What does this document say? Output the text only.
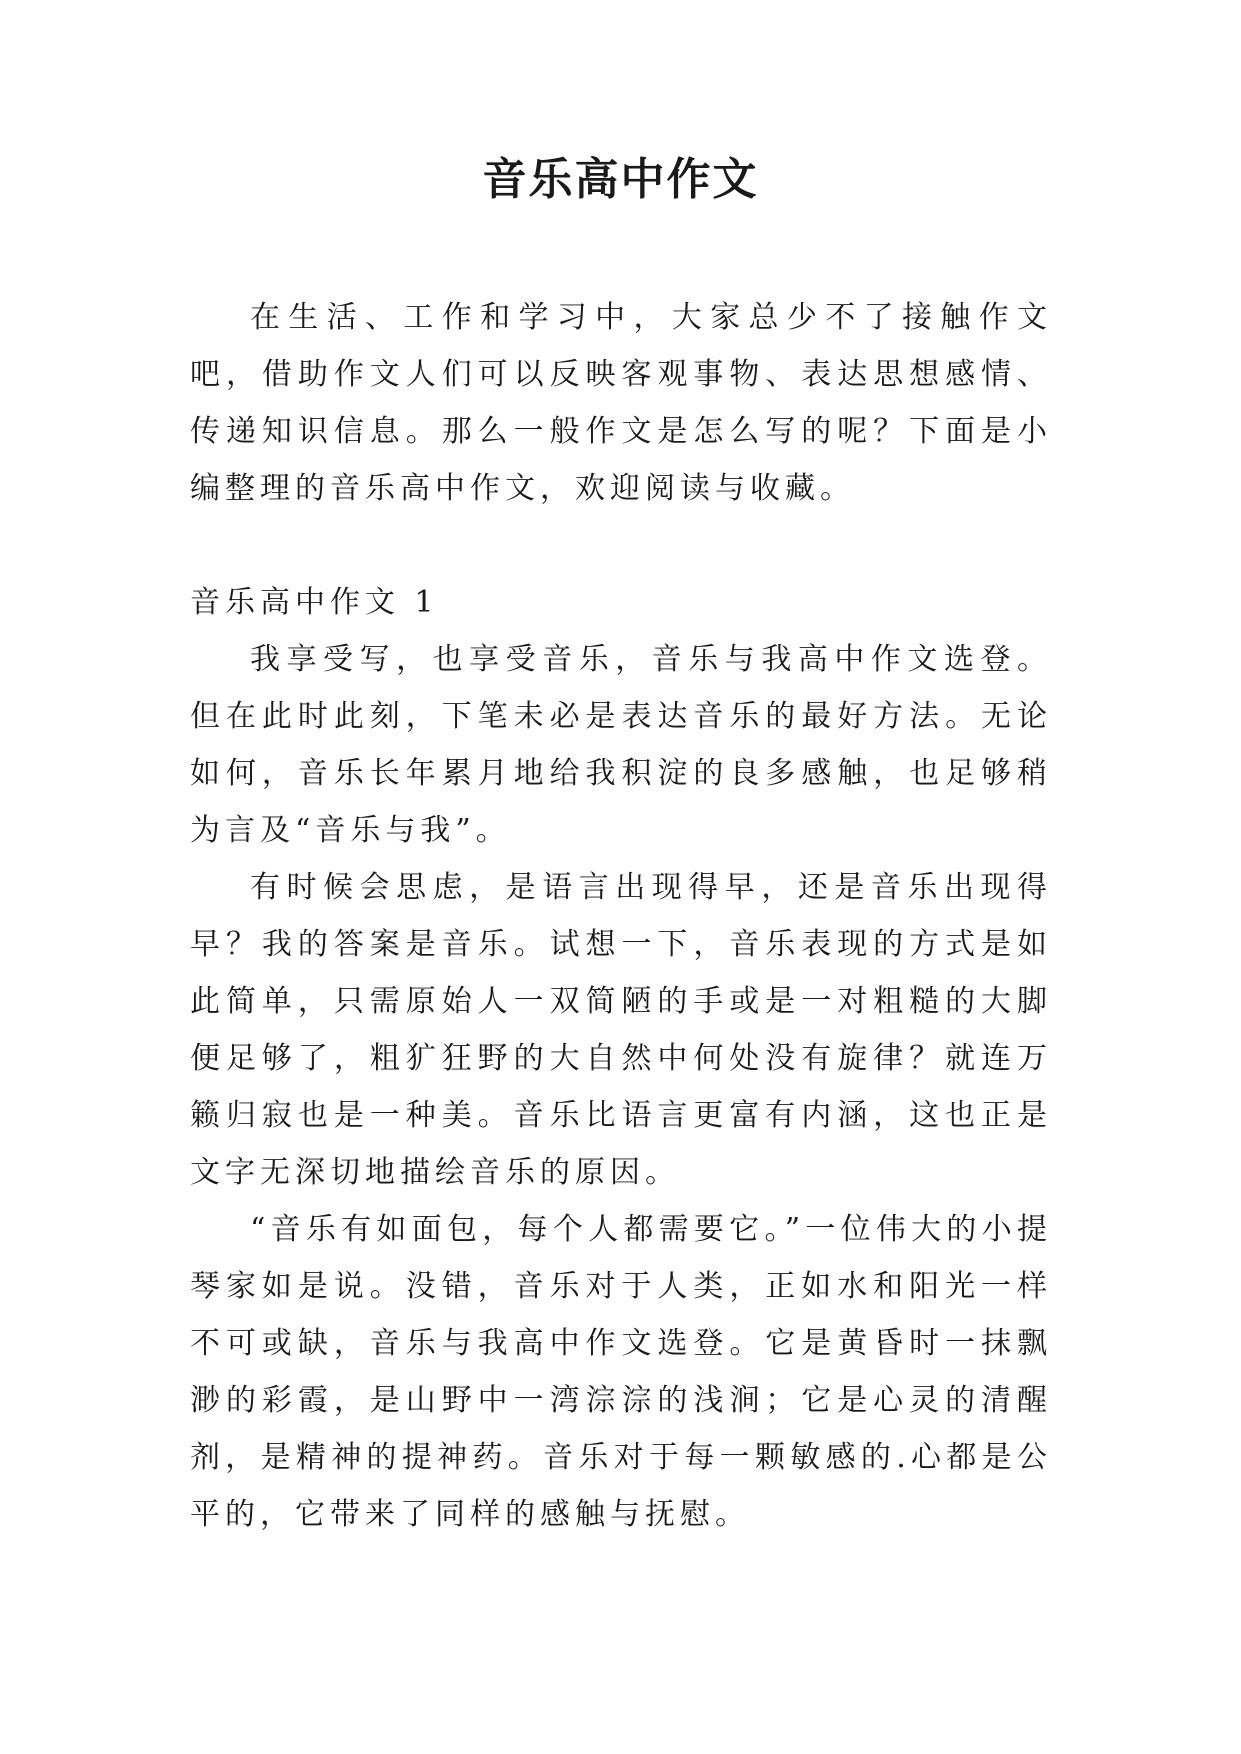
音乐高中作文

在生活、工作和学习中，大家总少不了接触作文吧，借助作文人们可以反映客观事物、表达思想感情、传递知识信息。那么一般作文是怎么写的呢？下面是小编整理的音乐高中作文，欢迎阅读与收藏。

音乐高中作文 1

我享受写，也享受音乐，音乐与我高中作文选登。但在此时此刻，下笔未必是表达音乐的最好方法。无论如何，音乐长年累月地给我积淀的良多感触，也足够稍为言及“音乐与我”。

有时候会思虑，是语言出现得早，还是音乐出现得早？我的答案是音乐。试想一下，音乐表现的方式是如此简单，只需原始人一双简陋的手或是一对粗糙的大脚便足够了，粗犷狂野的大自然中何处没有旋律？就连万籁归寂也是一种美。音乐比语言更富有内涵，这也正是文字无深切地描绘音乐的原因。

“音乐有如面包，每个人都需要它。”一位伟大的小提琴家如是说。没错，音乐对于人类，正如水和阳光一样不可或缺，音乐与我高中作文选登。它是黄昏时一抹飘渺的彩霞，是山野中一湾淙淙的浅涧；它是心灵的清醒剂，是精神的提神药。音乐对于每一颗敏感的.心都是公平的，它带来了同样的感触与抚慰。
